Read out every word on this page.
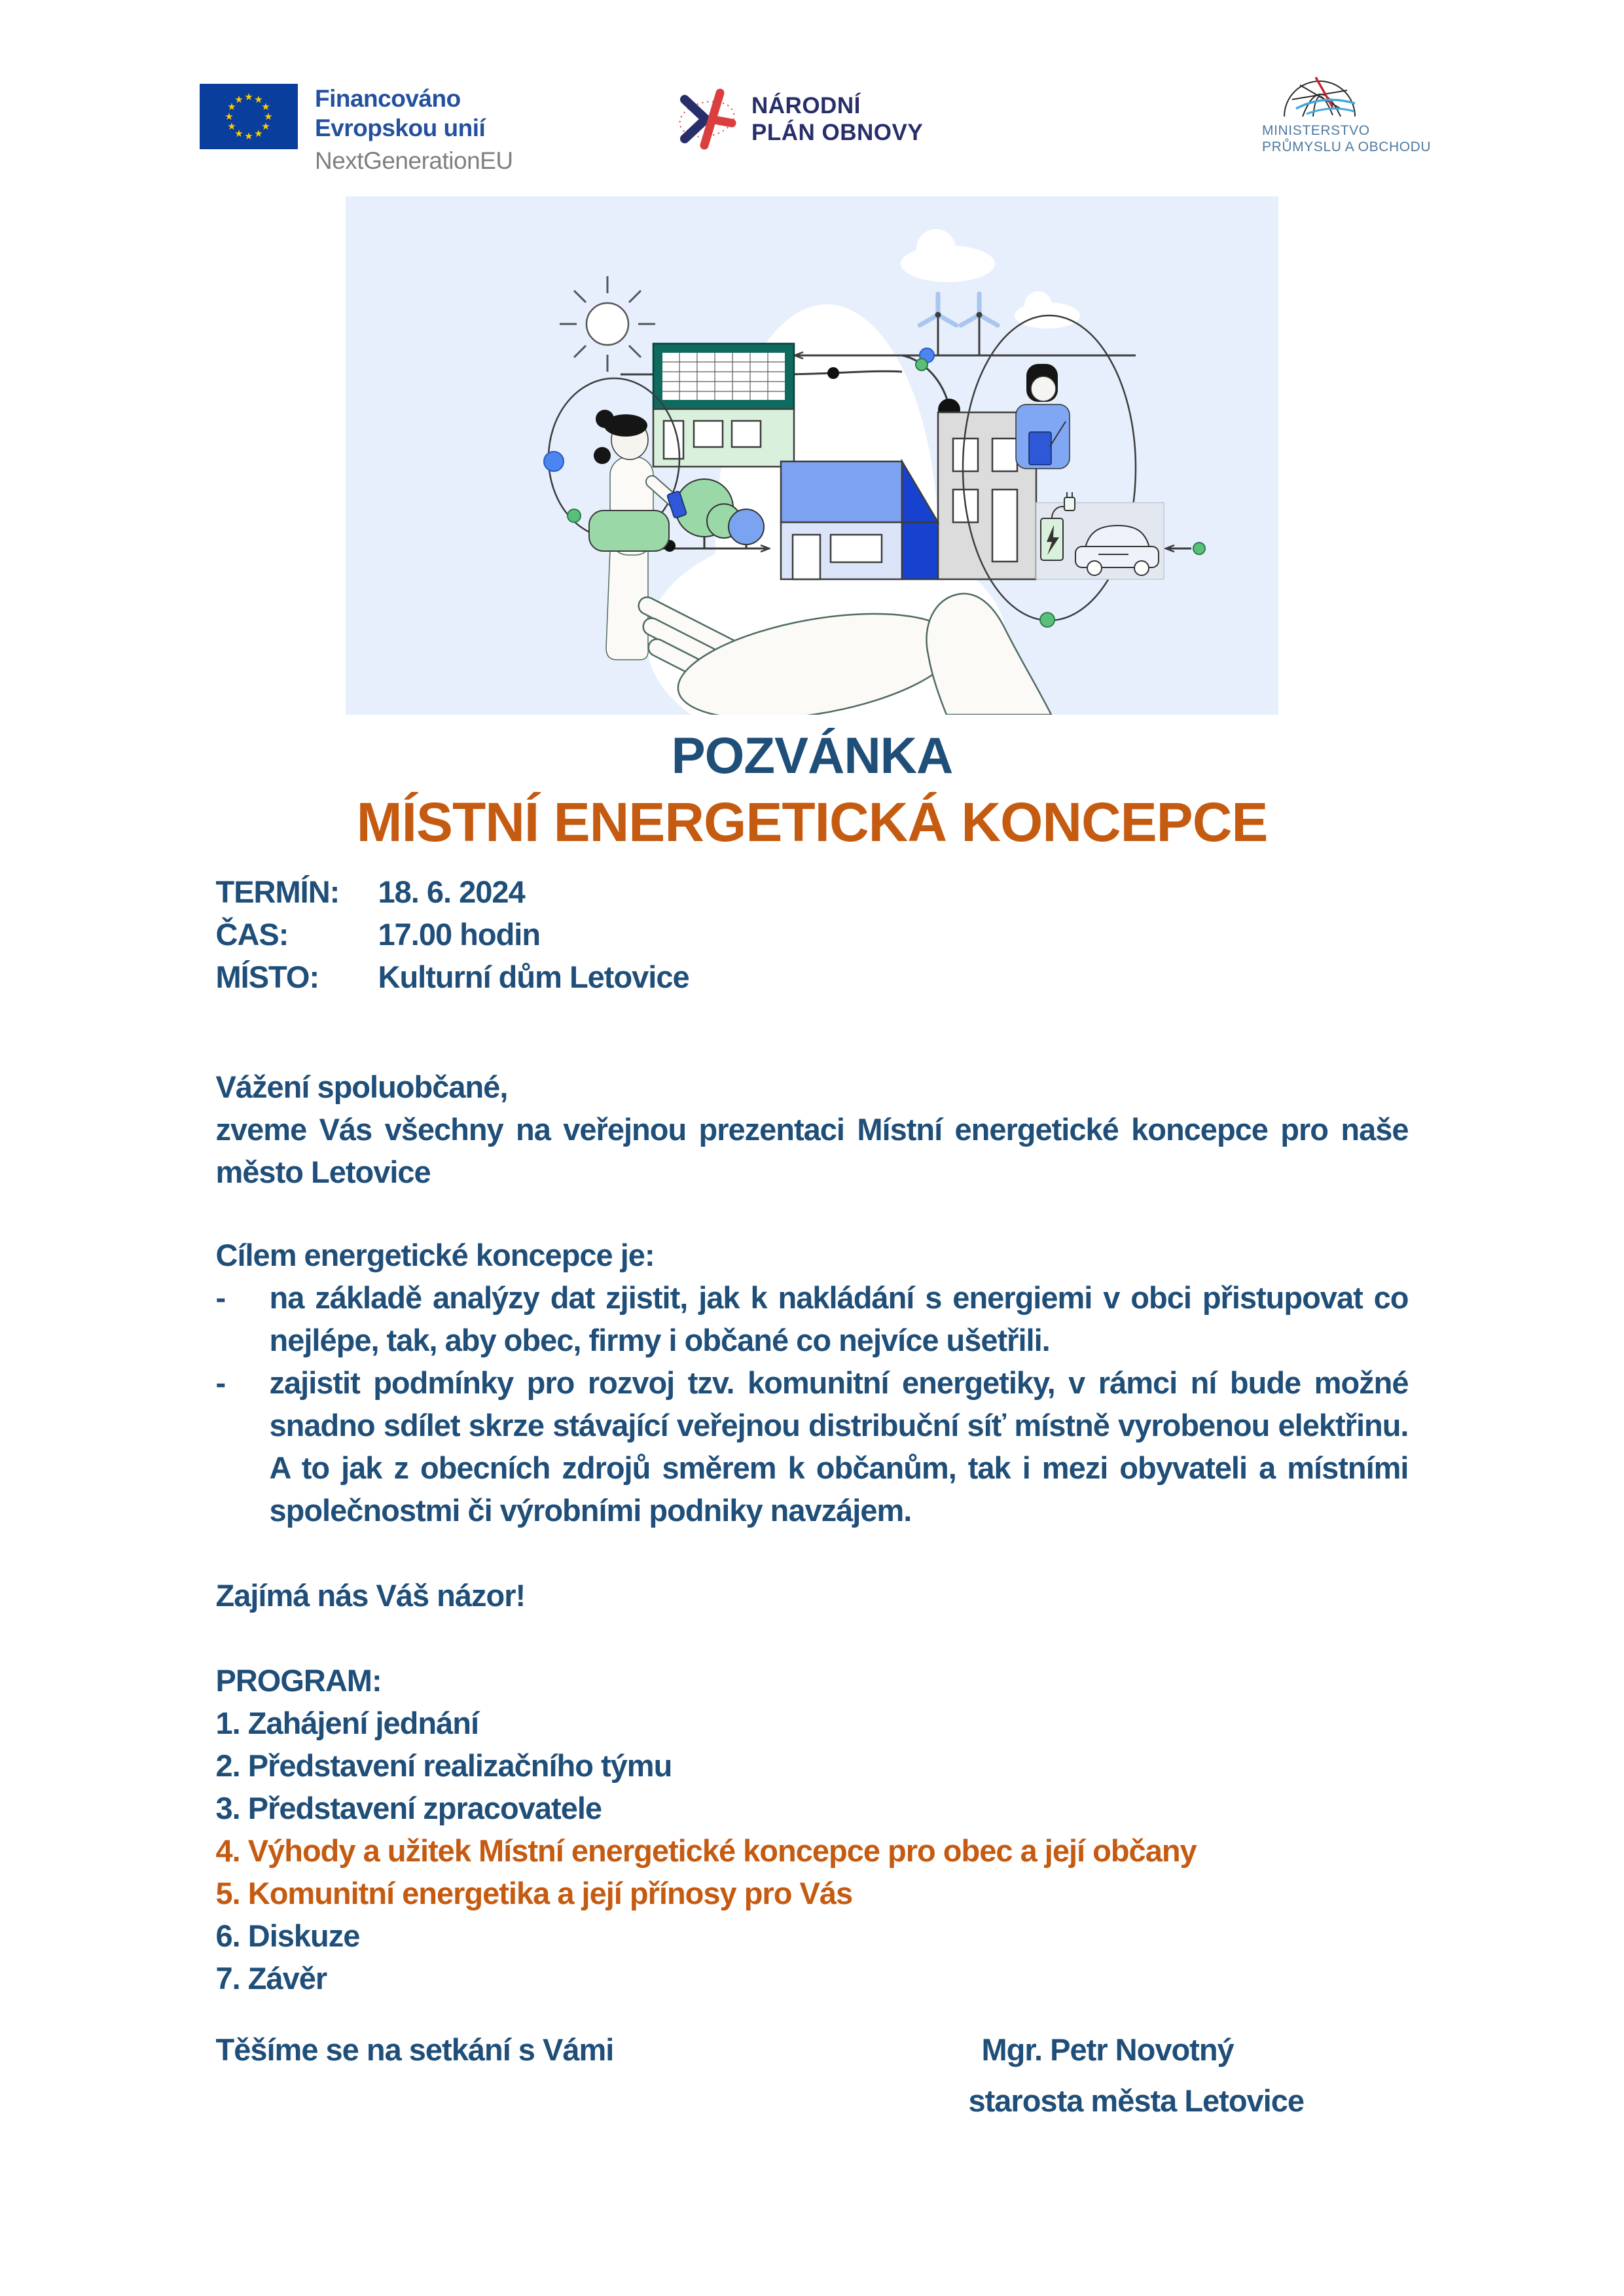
★ ★
★
★
★
★
★
★
★
★
★
★	Financováno
Evropskou unií
NextGenerationEU
NÁRODNÍ
PLÁN OBNOVY	MINISTERSTVO
PRŮMYSLU A OBCHODU
POZVÁNKA
MÍSTNÍ ENERGETICKÁ KONCEPCE
TERMÍN:	18. 6. 2024
ČAS:	17.00 hodin
MÍSTO:	Kulturní dům Letovice
Vážení spoluobčané,
zveme Vás všechny na veřejnou prezentaci Místní energetické koncepce pro naše město Letovice
Cílem energetické koncepce je:
- na základě analýzy dat zjistit, jak k nakládání s energiemi v obci přistupovat co nejlépe, tak, aby obec, firmy i občané co nejvíce ušetřili.
- zajistit podmínky pro rozvoj tzv. komunitní energetiky, v rámci ní bude možné snadno sdílet skrze stávající veřejnou distribuční síť místně vyrobenou elektřinu. A to jak z obecních zdrojů směrem k občanům, tak i mezi obyvateli a místními společnostmi či výrobními podniky navzájem.
Zajímá nás Váš názor!
PROGRAM:
1. Zahájení jednání
2. Představení realizačního týmu
3. Představení zpracovatele
4. Výhody a užitek Místní energetické koncepce pro obec a její občany
5. Komunitní energetika a její přínosy pro Vás
6. Diskuze
7. Závěr
Těšíme se na setkání s Vámi	Mgr. Petr Novotný
starosta města Letovice
